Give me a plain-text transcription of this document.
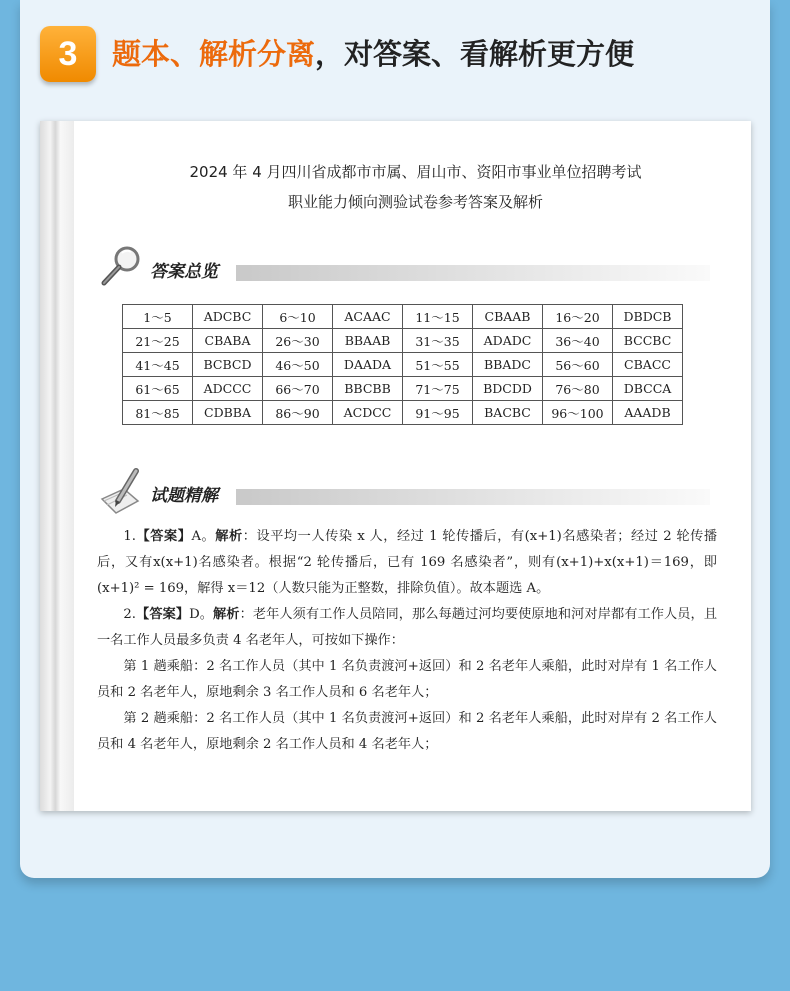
3	题本、解析分离，对答案、看解析更方便
2024 年 4 月四川省成都市市属、眉山市、资阳市事业单位招聘考试
职业能力倾向测验试卷参考答案及解析
答案总览
1～5	ADCBC	6～10	ACAAC	11～15	CBAAB	16～20	DBDCB
21～25	CBABA	26～30	BBAAB	31～35	ADADC	36～40	BCCBC
41～45	BCBCD	46～50	DAADA	51～55	BBADC	56～60	CBACC
61～65	ADCCC	66～70	BBCBB	71～75	BDCDD	76～80	DBCCA
81～85	CDBBA	86～90	ACDCC	91～95	BACBC	96～100	AAADB
试题精解

1.【答案】A。解析：设平均一人传染 x 人，经过 1 轮传播后，有(x+1)名感染者；经过 2 轮传播后，又有x(x+1)名感染者。根据“2 轮传播后，已有 169 名感染者”，则有(x+1)+x(x+1)＝169，即(x+1)² = 169，解得 x＝12（人数只能为正整数，排除负值）。故本题选 A。

2.【答案】D。解析：老年人须有工作人员陪同，那么每趟过河均要使原地和河对岸都有工作人员，且一名工作人员最多负责 4 名老年人，可按如下操作：

第 1 趟乘船：2 名工作人员（其中 1 名负责渡河+返回）和 2 名老年人乘船，此时对岸有 1 名工作人员和 2 名老年人，原地剩余 3 名工作人员和 6 名老年人；

第 2 趟乘船：2 名工作人员（其中 1 名负责渡河+返回）和 2 名老年人乘船，此时对岸有 2 名工作人员和 4 名老年人，原地剩余 2 名工作人员和 4 名老年人；
